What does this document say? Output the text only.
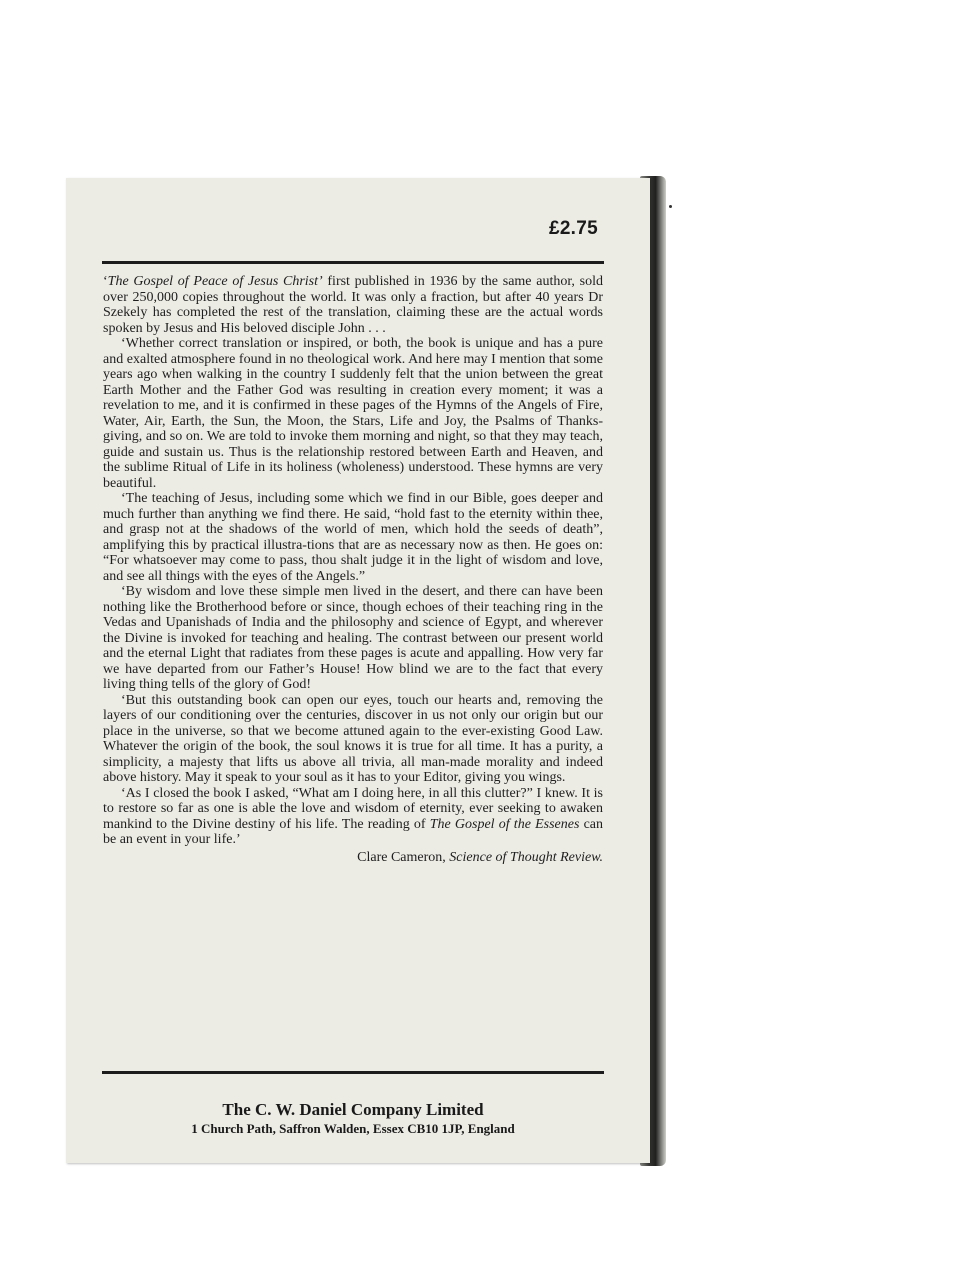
£2.75

‘The Gospel of Peace of Jesus Christ’ first published in 1936 by the same author, sold over 250,000 copies throughout the world. It was only a fraction, but after 40 years Dr Szekely has completed the rest of the translation, claiming these are the actual words spoken by Jesus and His beloved disciple John . . .

‘Whether correct translation or inspired, or both, the book is unique and has a pure and exalted atmosphere found in no theological work. And here may I mention that some years ago when walking in the country I suddenly felt that the union between the great Earth Mother and the Father God was resulting in creation every moment; it was a revelation to me, and it is confirmed in these pages of the Hymns of the Angels of Fire, Water, Air, Earth, the Sun, the Moon, the Stars, Life and Joy, the Psalms of Thanks-giving, and so on. We are told to invoke them morning and night, so that they may teach, guide and sustain us. Thus is the relationship restored between Earth and Heaven, and the sublime Ritual of Life in its holiness (wholeness) understood. These hymns are very beautiful.

‘The teaching of Jesus, including some which we find in our Bible, goes deeper and much further than anything we find there. He said, “hold fast to the eternity within thee, and grasp not at the shadows of the world of men, which hold the seeds of death”, amplifying this by practical illustra-tions that are as necessary now as then. He goes on: “For whatsoever may come to pass, thou shalt judge it in the light of wisdom and love, and see all things with the eyes of the Angels.”

‘By wisdom and love these simple men lived in the desert, and there can have been nothing like the Brotherhood before or since, though echoes of their teaching ring in the Vedas and Upanishads of India and the philosophy and science of Egypt, and wherever the Divine is invoked for teaching and healing. The contrast between our present world and the eternal Light that radiates from these pages is acute and appalling. How very far we have departed from our Father’s House! How blind we are to the fact that every living thing tells of the glory of God!

‘But this outstanding book can open our eyes, touch our hearts and, removing the layers of our conditioning over the centuries, discover in us not only our origin but our place in the universe, so that we become attuned again to the ever-existing Good Law. Whatever the origin of the book, the soul knows it is true for all time. It has a purity, a simplicity, a majesty that lifts us above all trivia, all man-made morality and indeed above history. May it speak to your soul as it has to your Editor, giving you wings.

‘As I closed the book I asked, “What am I doing here, in all this clutter?” I knew. It is to restore so far as one is able the love and wisdom of eternity, ever seeking to awaken mankind to the Divine destiny of his life. The reading of The Gospel of the Essenes can be an event in your life.’

Clare Cameron, Science of Thought Review.
The C. W. Daniel Company Limited
1 Church Path, Saffron Walden, Essex CB10 1JP, England
